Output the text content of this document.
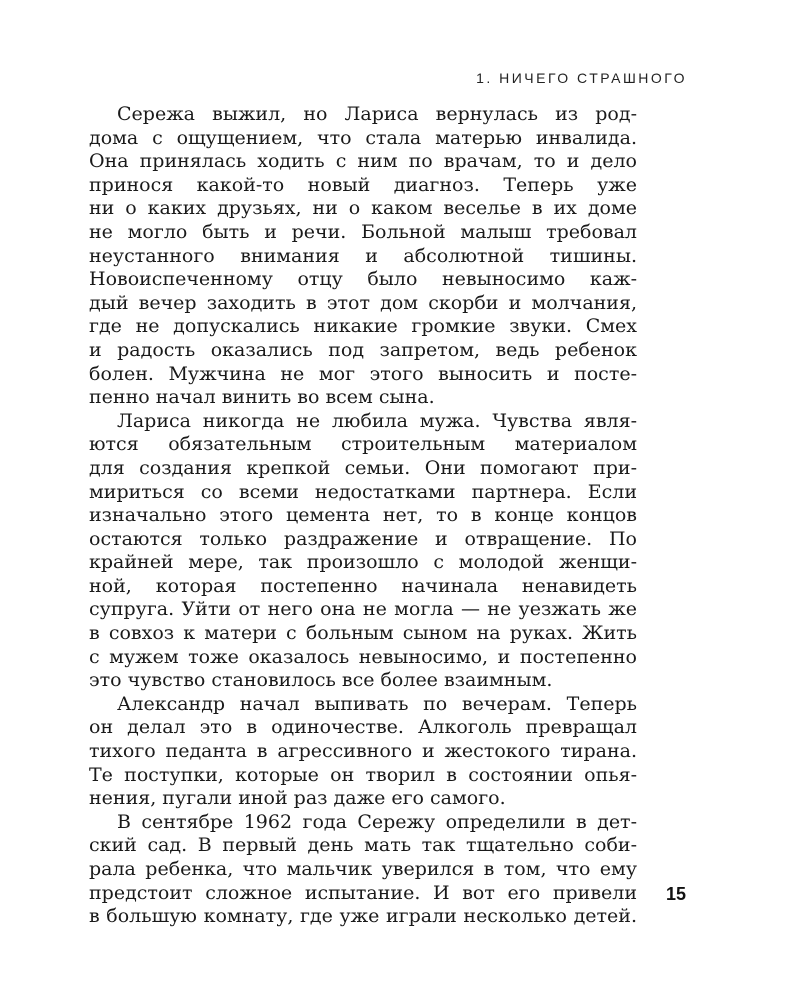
1. НИЧЕГО СТРАШНОГО
Сережа выжил, но Лариса вернулась из род-
дома с ощущением, что стала матерью инвалида.
Она принялась ходить с ним по врачам, то и дело
принося какой-то новый диагноз. Теперь уже
ни о каких друзьях, ни о каком веселье в их доме
не могло быть и речи. Больной малыш требовал
неустанного внимания и абсолютной тишины.
Новоиспеченному отцу было невыносимо каж-
дый вечер заходить в этот дом скорби и молчания,
где не допускались никакие громкие звуки. Смех
и радость оказались под запретом, ведь ребенок
болен. Мужчина не мог этого выносить и посте-
пенно начал винить во всем сына.
Лариса никогда не любила мужа. Чувства явля-
ются обязательным строительным материалом
для создания крепкой семьи. Они помогают при-
мириться со всеми недостатками партнера. Если
изначально этого цемента нет, то в конце концов
остаются только раздражение и отвращение. По
крайней мере, так произошло с молодой женщи-
ной, которая постепенно начинала ненавидеть
супруга. Уйти от него она не могла — не уезжать же
в совхоз к матери с больным сыном на руках. Жить
с мужем тоже оказалось невыносимо, и постепенно
это чувство становилось все более взаимным.
Александр начал выпивать по вечерам. Теперь
он делал это в одиночестве. Алкоголь превращал
тихого педанта в агрессивного и жестокого тирана.
Те поступки, которые он творил в состоянии опья-
нения, пугали иной раз даже его самого.
В сентябре 1962 года Сережу определили в дет-
ский сад. В первый день мать так тщательно соби-
рала ребенка, что мальчик уверился в том, что ему
предстоит сложное испытание. И вот его привели
в большую комнату, где уже играли несколько детей.
15
